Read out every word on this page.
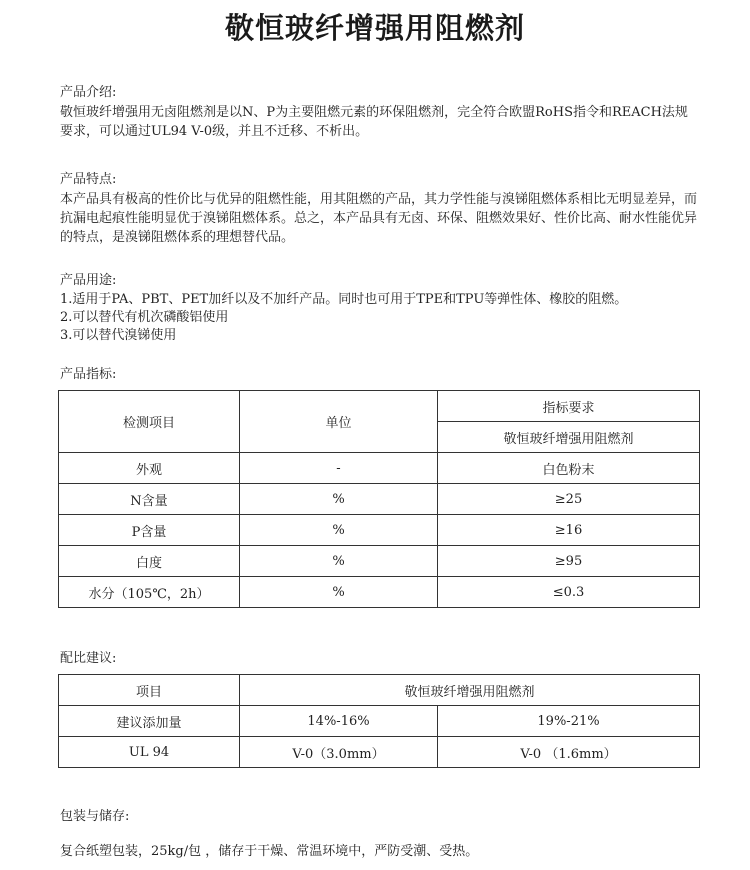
敬恒玻纤增强用阻燃剂
产品介绍:
敬恒玻纤增强用无卤阻燃剂是以N、P为主要阻燃元素的环保阻燃剂，完全符合欧盟RoHS指令和REACH法规要求，可以通过UL94 V-0级，并且不迁移、不析出。
产品特点:
本产品具有极高的性价比与优异的阻燃性能，用其阻燃的产品，其力学性能与溴锑阻燃体系相比无明显差异，而抗漏电起痕性能明显优于溴锑阻燃体系。总之，本产品具有无卤、环保、阻燃效果好、性价比高、耐水性能优异的特点，是溴锑阻燃体系的理想替代品。
产品用途:
1.适用于PA、PBT、PET加纤以及不加纤产品。同时也可用于TPE和TPU等弹性体、橡胶的阻燃。
2.可以替代有机次磷酸铝使用
3.可以替代溴锑使用
产品指标:
检测项目	单位	指标要求
		敬恒玻纤增强用阻燃剂
外观	-	白色粉末
N含量	%	≥25
P含量	%	≥16
白度	%	≥95
水分（105℃，2h）	%	≤0.3
配比建议:
项目	敬恒玻纤增强用阻燃剂	
建议添加量	14%-16%	19%-21%
UL 94	V-0（3.0mm）	V-0 （1.6mm）
包装与储存:
复合纸塑包装，25kg/包 ，储存于干燥、常温环境中，严防受潮、受热。
